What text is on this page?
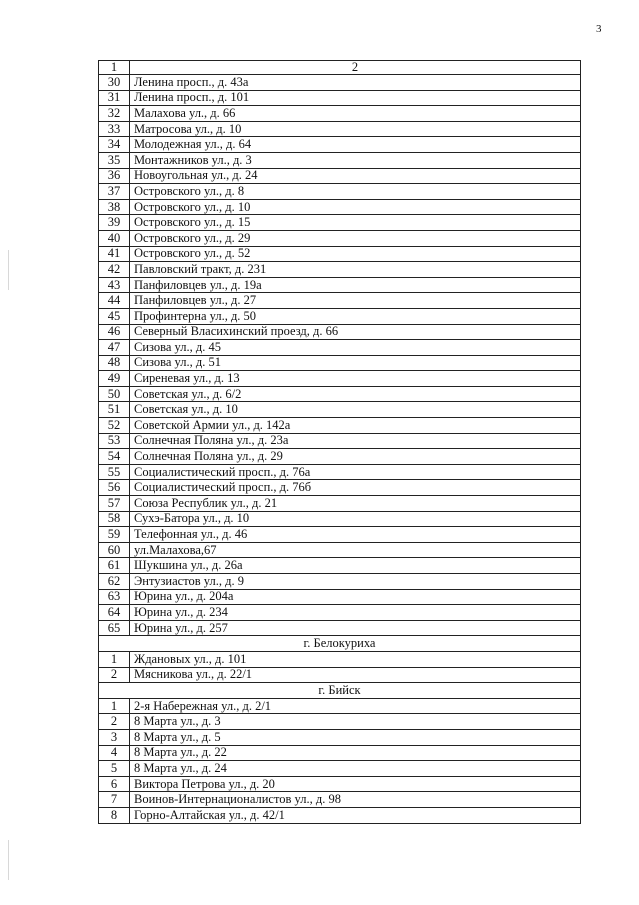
3
1	2
30	Ленина просп., д. 43а
31	Ленина просп., д. 101
32	Малахова ул., д. 66
33	Матросова ул., д. 10
34	Молодежная ул., д. 64
35	Монтажников ул., д. 3
36	Новоугольная ул., д. 24
37	Островского ул., д. 8
38	Островского ул., д. 10
39	Островского ул., д. 15
40	Островского ул., д. 29
41	Островского ул., д. 52
42	Павловский тракт, д. 231
43	Панфиловцев ул., д. 19а
44	Панфиловцев ул., д. 27
45	Профинтерна ул., д. 50
46	Северный Власихинский проезд, д. 66
47	Сизова ул., д. 45
48	Сизова ул., д. 51
49	Сиреневая ул., д. 13
50	Советская ул., д. 6/2
51	Советская ул., д. 10
52	Советской Армии ул., д. 142а
53	Солнечная Поляна ул., д. 23а
54	Солнечная Поляна ул., д. 29
55	Социалистический просп., д. 76а
56	Социалистический просп., д. 76б
57	Союза Республик ул., д. 21
58	Сухэ-Батора ул., д. 10
59	Телефонная ул., д. 46
60	ул.Малахова,67
61	Шукшина ул., д. 26а
62	Энтузиастов ул., д. 9
63	Юрина ул., д. 204а
64	Юрина ул., д. 234
65	Юрина ул., д. 257
г. Белокуриха	
1	Ждановых ул., д. 101
2	Мясникова ул., д. 22/1
г. Бийск	
1	2-я Набережная ул., д. 2/1
2	8 Марта ул., д. 3
3	8 Марта ул., д. 5
4	8 Марта ул., д. 22
5	8 Марта ул., д. 24
6	Виктора Петрова ул., д. 20
7	Воинов-Интернационалистов ул., д. 98
8	Горно-Алтайская ул., д. 42/1
